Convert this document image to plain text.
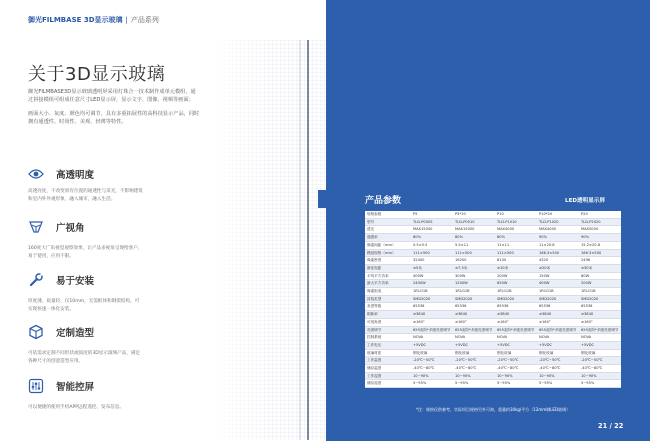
御光FILMBASE 3D显示玻璃 | 产品系列
关于3D显示玻璃

御光FILMBASE3D显示玻璃透明屏采用灯珠合一技术制作成单元模组，通过拼接模组可组成任意尺寸LED显示屏，显示文字、图像、视频等画面；

画面大小、灰度、颜色均可调节，具有多重拓展性的高科技显示产品，同时拥有通透性、时尚性、美观、轻薄等特性。

高透明度
高透亮度，不改变原有位置的通透性与采光，不影响建筑和室内外外观形象，融入城市，融入生活。
广视角
160度大广角视觉观察效果，让产品多视角呈现给客户，易于使用，应用不限。
易于安装
厚度薄，质量轻，仅10mm，无需框体和钢架结构，可实现快速一体化安装。
定制造型
可依需求定制不同形状或弧度的3D显示玻璃产品，满足各种尺寸的创意造型应用。
智能控屏
可以便捷的使用手机APP远程遥控、发布信息。
产品参数	LED透明显示屏
规格参数	P5	P5*10	P10	P10*20	P20
型号	TLD-P0505	TLD-P0510	TLD-P1010	TLD-P1020	TLD-P2020
透光	MAX15000	MAX15000	MAX4000	MAX4000	MAX5000
通透率	60%	80%	80%	90%	90%
像素间距（mm）	5.5×5.5	5.5×11	11×11	11×20.8	15.2×20.8
模组规格（mm）	111×500	111×500	111×500	166.3×500	166.3×500
像素密度	32400	16200	8100	4320	2496
最佳视距	≥5米	≥7.5米	≥10米	≥20米	≥30米
平均平方功率	400W	300W	200W	150W	80W
最大平方功率	2400W	1200W	650W	400W	200W
像素组成	1R1G1B	1R1G1B	1R1G1B	1R1G1B	1R1G1B
封装类型	SMD2020	SMD2020	SMD2020	SMD2020	SMD2020
灰度等级	65536	65536	65536	65536	65536
刷新率	≥3840	≥3840	≥3840	≥3840	≥3840
可视角度	≥160°	≥160°	≥160°	≥160°	≥160°
亮度调节	655灰阶*多级亮度调节	655灰阶*多级亮度调节	655灰阶*多级亮度调节	655灰阶*多级亮度调节	655灰阶*多级亮度调节
控制系统	NOVA	NOVA	NOVA	NOVA	NOVA
工作电压	+5VDC	+5VDC	+5VDC	+5VDC	+5VDC
玻璃材质	钢化玻璃	钢化玻璃	钢化玻璃	钢化玻璃	钢化玻璃
工作温度	-20℃~50℃	-20℃~50℃	-20℃~50℃	-20℃~50℃	-20℃~50℃
储存温度	-40℃~80℃	-40℃~80℃	-40℃~80℃	-40℃~80℃	-40℃~80℃
工作湿度	10~90%	10~90%	10~90%	10~90%	10~90%
储存湿度	5~95%	5~95%	5~95%	5~95%	5~95%
*注：规格仅供参考，实际项目规格另外可询，重量约30kg/平方（12mm钢LED玻璃）
21 / 22
